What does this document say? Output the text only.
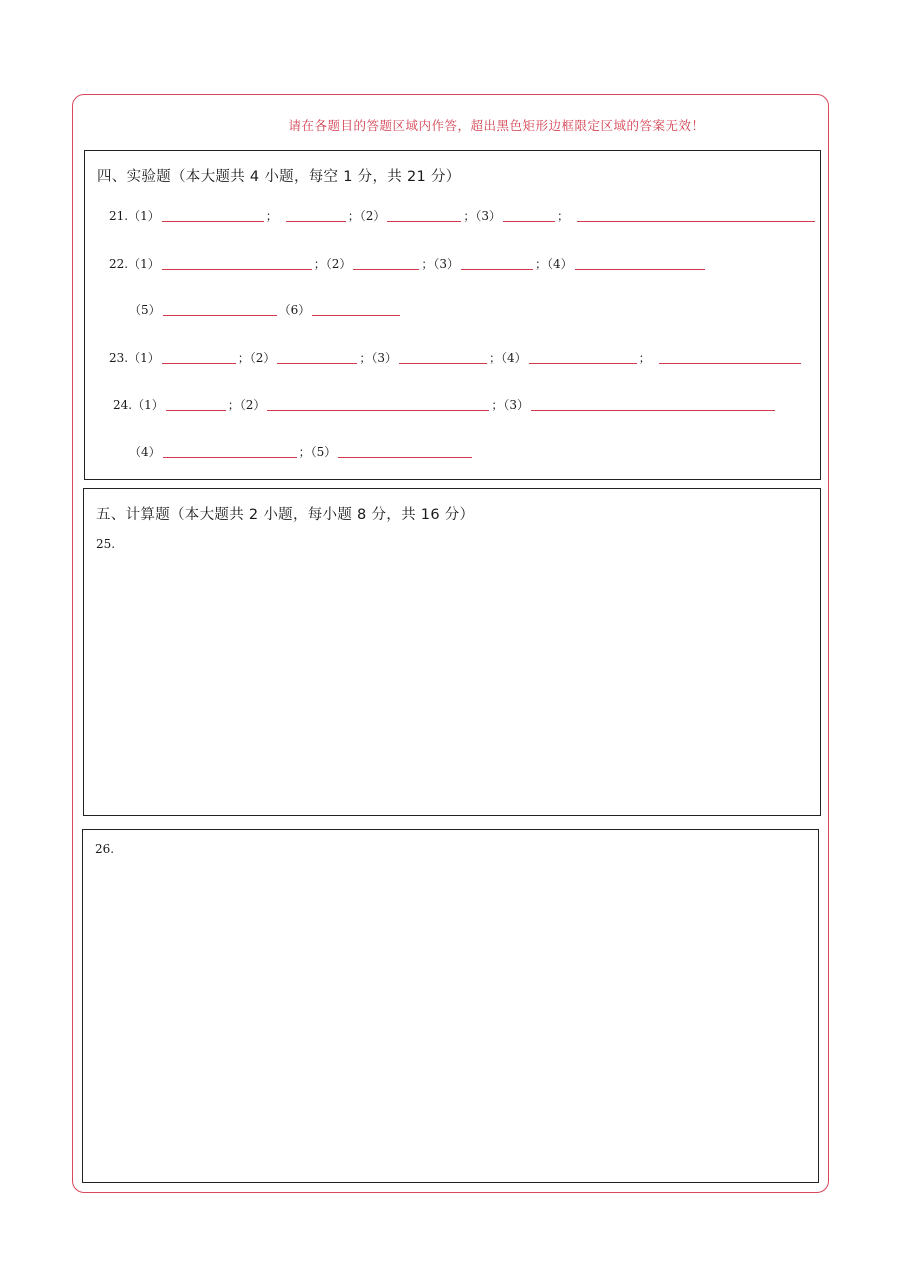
请在各题目的答题区域内作答，超出黑色矩形边框限定区域的答案无效！
四、实验题（本大题共 4 小题，每空 1 分，共 21 分）
21. （1）	；	；（2）	；（3）	；
22. （1）	；（2）	；（3）	；（4）
（5）	（6）
23. （1）	；（2）	；（3）	；（4）	；
24. （1）	；（2）	；（3）
（4）	；（5）
五、计算题（本大题共 2 小题，每小题 8 分，共 16 分）
25.
26.
